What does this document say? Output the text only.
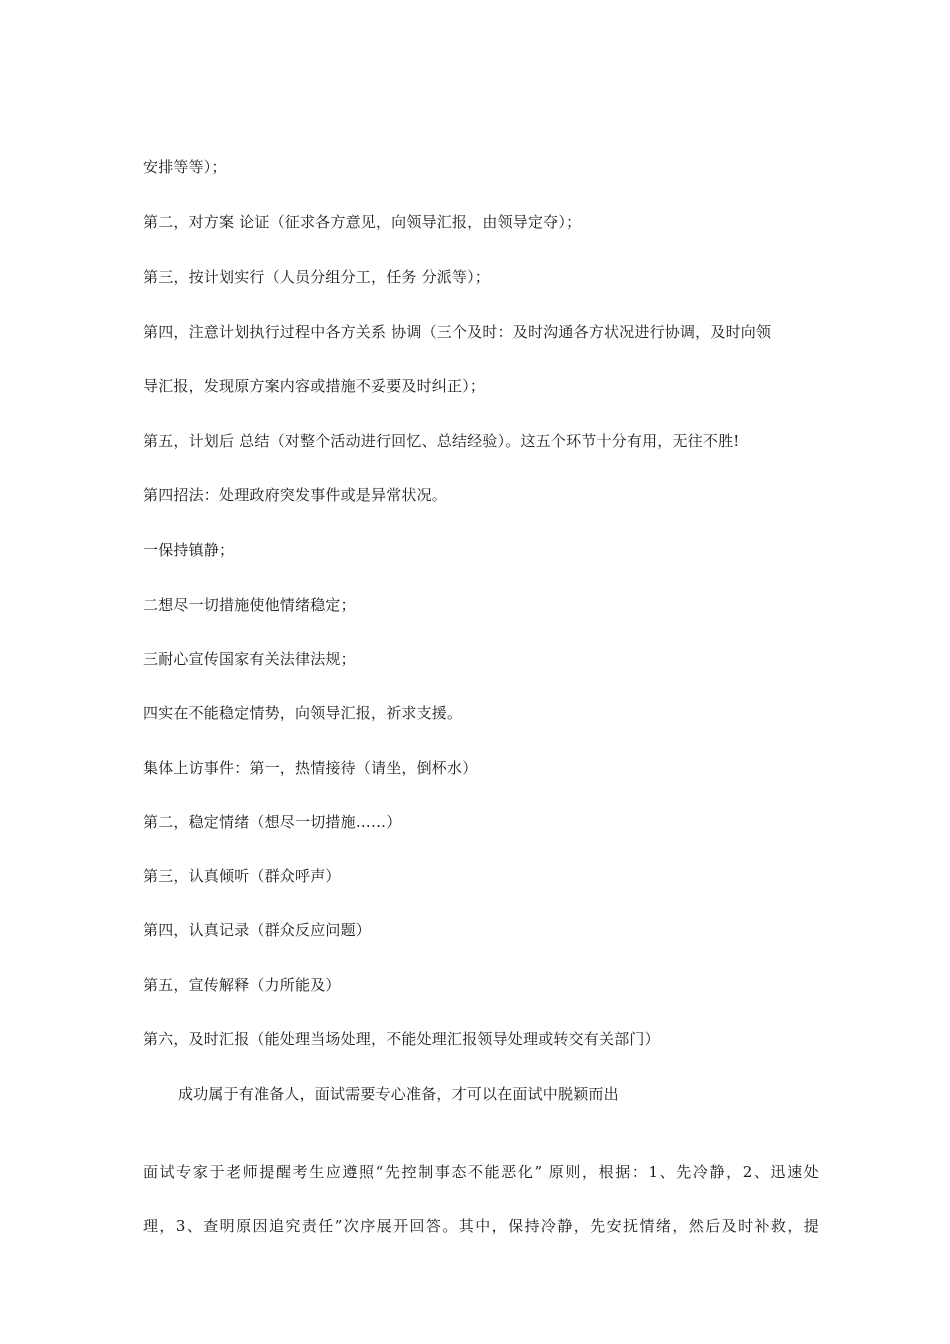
安排等等）；
第二，对方案 论证（征求各方意见，向领导汇报，由领导定夺）；
第三，按计划实行（人员分组分工，任务 分派等）；
第四，注意计划执行过程中各方关系 协调（三个及时：及时沟通各方状况进行协调，及时向领
导汇报，发现原方案内容或措施不妥要及时纠正）；
第五，计划后 总结（对整个活动进行回忆、总结经验）。这五个环节十分有用，无往不胜!
第四招法：处理政府突发事件或是异常状况。
一保持镇静；
二想尽一切措施使他情绪稳定；
三耐心宣传国家有关法律法规；
四实在不能稳定情势，向领导汇报，祈求支援。
集体上访事件：第一，热情接待（请坐，倒杯水）
第二，稳定情绪（想尽一切措施……）
第三，认真倾听（群众呼声）
第四，认真记录（群众反应问题）
第五，宣传解释（力所能及）
第六，及时汇报（能处理当场处理，不能处理汇报领导处理或转交有关部门）
成功属于有准备人，面试需要专心准备，才可以在面试中脱颖而出
面试专家于老师提醒考生应遵照“先控制事态不能恶化” 原则，根据：1、先冷静，2、迅速处
理，3、查明原因追究责任”次序展开回答。其中，保持冷静，先安抚情绪，然后及时补救，提
